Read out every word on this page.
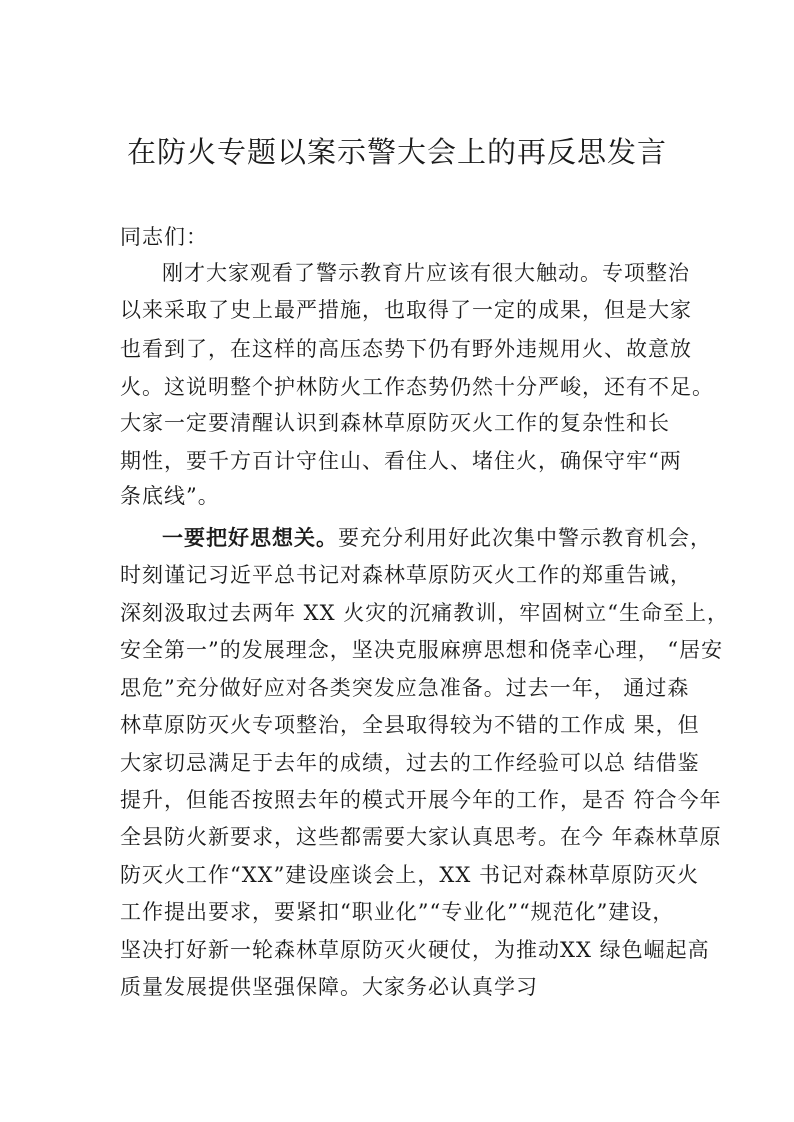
在防火专题以案示警大会上的再反思发言
同志们：
刚才大家观看了警示教育片应该有很大触动。专项整治
以来采取了史上最严措施，也取得了一定的成果，但是大家
也看到了，在这样的高压态势下仍有野外违规用火、故意放
火。这说明整个护林防火工作态势仍然十分严峻，还有不足。
大家一定要清醒认识到森林草原防灭火工作的复杂性和长
期性，要千方百计守住山、看住人、堵住火，确保守牢“两
条底线”。
一要把好思想关。要充分利用好此次集中警示教育机会，
时刻谨记习近平总书记对森林草原防灭火工作的郑重告诫，
深刻汲取过去两年 XX 火灾的沉痛教训，牢固树立“生命至上，
安全第一”的发展理念，坚决克服麻痹思想和侥幸心理， “居安
思危”充分做好应对各类突发应急准备。过去一年， 通过森
林草原防灭火专项整治，全县取得较为不错的工作成 果，但
大家切忌满足于去年的成绩，过去的工作经验可以总 结借鉴
提升，但能否按照去年的模式开展今年的工作，是否 符合今年
全县防火新要求，这些都需要大家认真思考。在今 年森林草原
防灭火工作“XX”建设座谈会上，XX 书记对森林草原防灭火
工作提出要求，要紧扣“职业化”“专业化”“规范化”建设，
坚决打好新一轮森林草原防灭火硬仗，为推动XX 绿色崛起高
质量发展提供坚强保障。大家务必认真学习
